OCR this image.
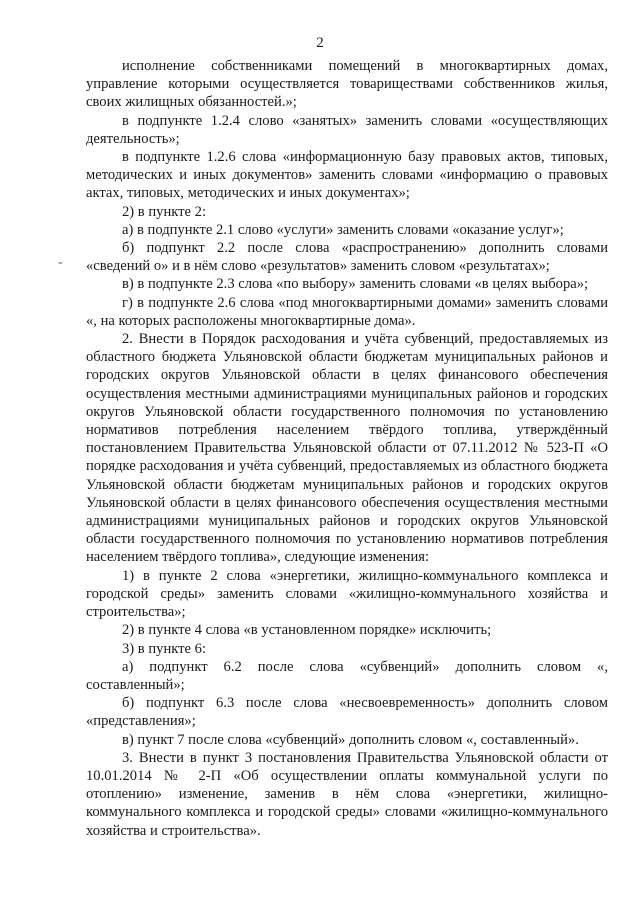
2
-

исполнение собственниками помещений в многоквартирных домах, управление которыми осуществляется товариществами собственников жилья, своих жилищных обязанностей.»;

в подпункте 1.2.4 слово «занятых» заменить словами «осуществляющих деятельность»;

в подпункте 1.2.6 слова «информационную базу правовых актов, типовых, методических и иных документов» заменить словами «информацию о правовых актах, типовых, методических и иных документах»;

2) в пункте 2:

а) в подпункте 2.1 слово «услуги» заменить словами «оказание услуг»;

б) подпункт 2.2 после слова «распространению» дополнить словами «сведений о» и в нём слово «результатов» заменить словом «результатах»;

в) в подпункте 2.3 слова «по выбору» заменить словами «в целях выбора»;

г) в подпункте 2.6 слова «под многоквартирными домами» заменить словами «, на которых расположены многоквартирные дома».

2. Внести в Порядок расходования и учёта субвенций, предоставляемых из областного бюджета Ульяновской области бюджетам муниципальных районов и городских округов Ульяновской области в целях финансового обеспечения осуществления местными администрациями муниципальных районов и городских округов Ульяновской области государственного полномочия по установлению нормативов потребления населением твёрдого топлива, утверждённый постановлением Правительства Ульяновской области от 07.11.2012 № 523-П «О порядке расходования и учёта субвенций, предоставляемых из областного бюджета Ульяновской области бюджетам муниципальных районов и городских округов Ульяновской области в целях финансового обеспечения осуществления местными администрациями муниципальных районов и городских округов Ульяновской области государственного полномочия по установлению нормативов потребления населением твёрдого топлива», следующие изменения:

1) в пункте 2 слова «энергетики, жилищно-коммунального комплекса и городской среды» заменить словами «жилищно-коммунального хозяйства и строительства»;

2) в пункте 4 слова «в установленном порядке» исключить;

3) в пункте 6:

а) подпункт 6.2 после слова «субвенций» дополнить словом «, составленный»;

б) подпункт 6.3 после слова «несвоевременность» дополнить словом «представления»;

в) пункт 7 после слова «субвенций» дополнить словом «, составленный».

3. Внести в пункт 3 постановления Правительства Ульяновской области от 10.01.2014 № 2-П «Об осуществлении оплаты коммунальной услуги по отоплению» изменение, заменив в нём слова «энергетики, жилищно-коммунального комплекса и городской среды» словами «жилищно-коммунального хозяйства и строительства».
